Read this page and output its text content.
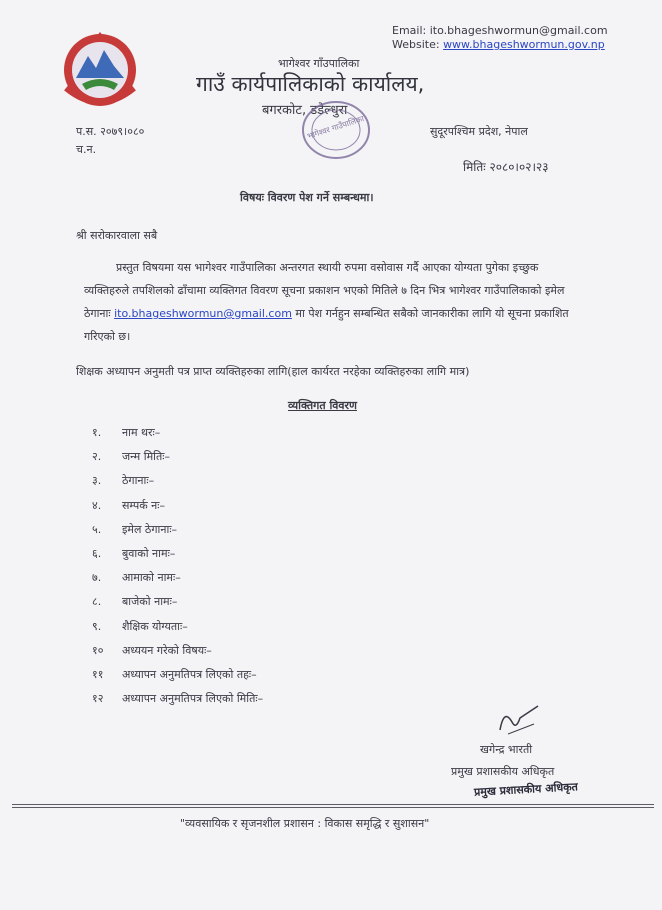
Email: ito.bhageshwormun@gmail.com
Website: www.bhageshwormun.gov.np
भागेश्वर गाँउपालिका
गाउँ कार्यपालिकाको कार्यालय,
बगरकोट, डडेल्धुरा
भागेश्वर गाउँपालिका
प.स. २०७९।०८०
च.न.
सुदूरपश्चिम प्रदेश, नेपाल
मितिः २०८०।०२।२३
विषयः विवरण पेश गर्ने सम्बन्धमा।
श्री सरोकारवाला सबै

प्रस्तुत विषयमा यस भागेश्वर गाउँपालिका अन्तरगत स्थायी रुपमा वसोवास गर्दै आएका योग्यता पुगेका इच्छुक व्यक्तिहरुले तपशिलको ढाँचामा व्यक्तिगत विवरण सूचना प्रकाशन भएको मितिले ७ दिन भित्र भागेश्वर गाउँपालिकाको इमेल ठेगानाः ito.bhageshwormun@gmail.com मा पेश गर्नहुन सम्बन्धित सबैको जानकारीका लागि यो सूचना प्रकाशित गरिएको छ।

शिक्षक अध्यापन अनुमती पत्र प्राप्त व्यक्तिहरुका लागि(हाल कार्यरत नरहेका व्यक्तिहरुका लागि मात्र)
व्यक्तिगत विवरण
१. नाम थरः–
२. जन्म मितिः–
३. ठेगानाः–
४. सम्पर्क नः–
५. इमेल ठेगानाः–
६. बुवाको नामः–
७. आमाको नामः–
८. बाजेको नामः–
९. शैक्षिक योग्यताः–
१० अध्ययन गरेको विषयः–
११ अध्यापन अनुमतिपत्र लिएको तहः–
१२ अध्यापन अनुमतिपत्र लिएको मितिः–
खगेन्द्र भारती
प्रमुख प्रशासकीय अधिकृत
प्रमुख प्रशासकीय अधिकृत
"व्यवसायिक र सृजनशील प्रशासन : विकास समृद्धि र सुशासन"
